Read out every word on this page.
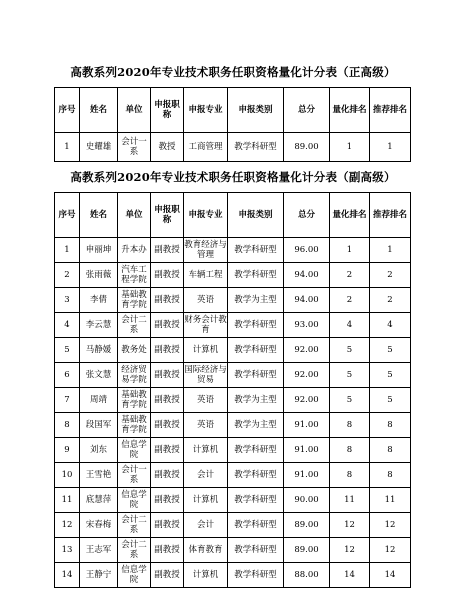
高教系列2020年专业技术职务任职资格量化计分表（正高级）
序号	姓名	单位	申报职称	申报专业	申报类别	总分	量化排名	推荐排名
1	史耀雄	会计一系	教授	工商管理	教学科研型	89.00	1	1
高教系列2020年专业技术职务任职资格量化计分表（副高级）
序号	姓名	单位	申报职称	申报专业	申报类别	总分	量化排名	推荐排名
1	申丽坤	升本办	副教授	教育经济与管理	教学科研型	96.00	1	1
2	张雨薇	汽车工程学院	副教授	车辆工程	教学科研型	94.00	2	2
3	李倩	基础教育学院	副教授	英语	教学为主型	94.00	2	2
4	李云慧	会计二系	副教授	财务会计教育	教学科研型	93.00	4	4
5	马静媛	教务处	副教授	计算机	教学科研型	92.00	5	5
6	张文慧	经济贸易学院	副教授	国际经济与贸易	教学科研型	92.00	5	5
7	周靖	基础教育学院	副教授	英语	教学为主型	92.00	5	5
8	段国军	基础教育学院	副教授	英语	教学为主型	91.00	8	8
9	刘东	信息学院	副教授	计算机	教学科研型	91.00	8	8
10	王雪艳	会计一系	副教授	会计	教学科研型	91.00	8	8
11	底慧萍	信息学院	副教授	计算机	教学科研型	90.00	11	11
12	宋春梅	会计二系	副教授	会计	教学科研型	89.00	12	12
13	王志军	会计二系	副教授	体育教育	教学科研型	89.00	12	12
14	王静宁	信息学院	副教授	计算机	教学科研型	88.00	14	14
